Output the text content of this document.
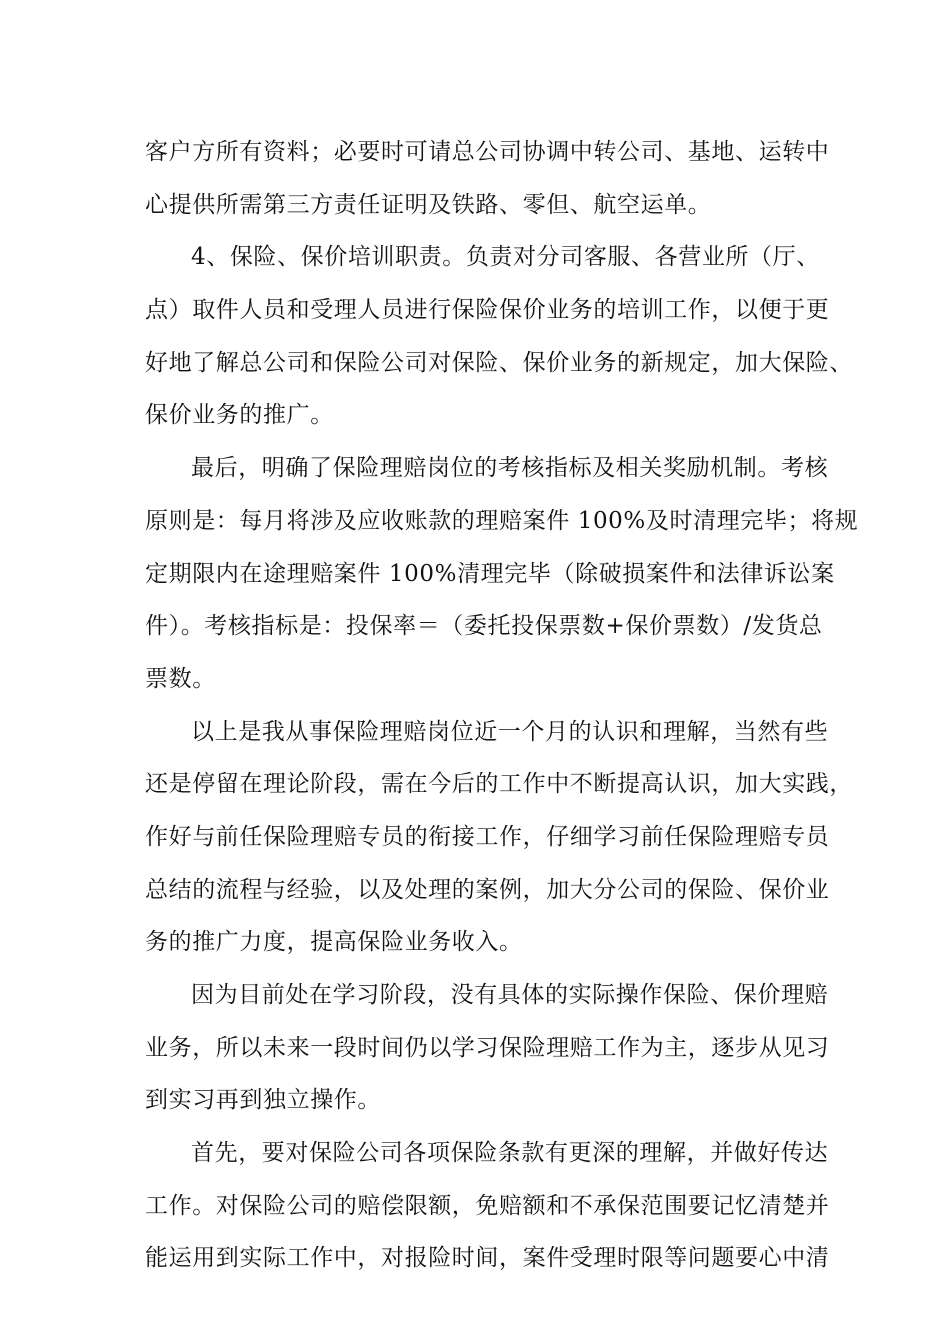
客户方所有资料；必要时可请总公司协调中转公司、基地、运转中
心提供所需第三方责任证明及铁路、零但、航空运单。
4、保险、保价培训职责。负责对分司客服、各营业所（厅、
点）取件人员和受理人员进行保险保价业务的培训工作，以便于更
好地了解总公司和保险公司对保险、保价业务的新规定，加大保险、
保价业务的推广。
最后，明确了保险理赔岗位的考核指标及相关奖励机制。考核
原则是：每月将涉及应收账款的理赔案件 100%及时清理完毕；将规
定期限内在途理赔案件 100%清理完毕（除破损案件和法律诉讼案
件）。考核指标是：投保率＝（委托投保票数+保价票数）/发货总
票数。
以上是我从事保险理赔岗位近一个月的认识和理解，当然有些
还是停留在理论阶段，需在今后的工作中不断提高认识，加大实践，
作好与前任保险理赔专员的衔接工作，仔细学习前任保险理赔专员
总结的流程与经验，以及处理的案例，加大分公司的保险、保价业
务的推广力度，提高保险业务收入。
因为目前处在学习阶段，没有具体的实际操作保险、保价理赔
业务，所以未来一段时间仍以学习保险理赔工作为主，逐步从见习
到实习再到独立操作。
首先，要对保险公司各项保险条款有更深的理解，并做好传达
工作。对保险公司的赔偿限额，免赔额和不承保范围要记忆清楚并
能运用到实际工作中，对报险时间，案件受理时限等问题要心中清
